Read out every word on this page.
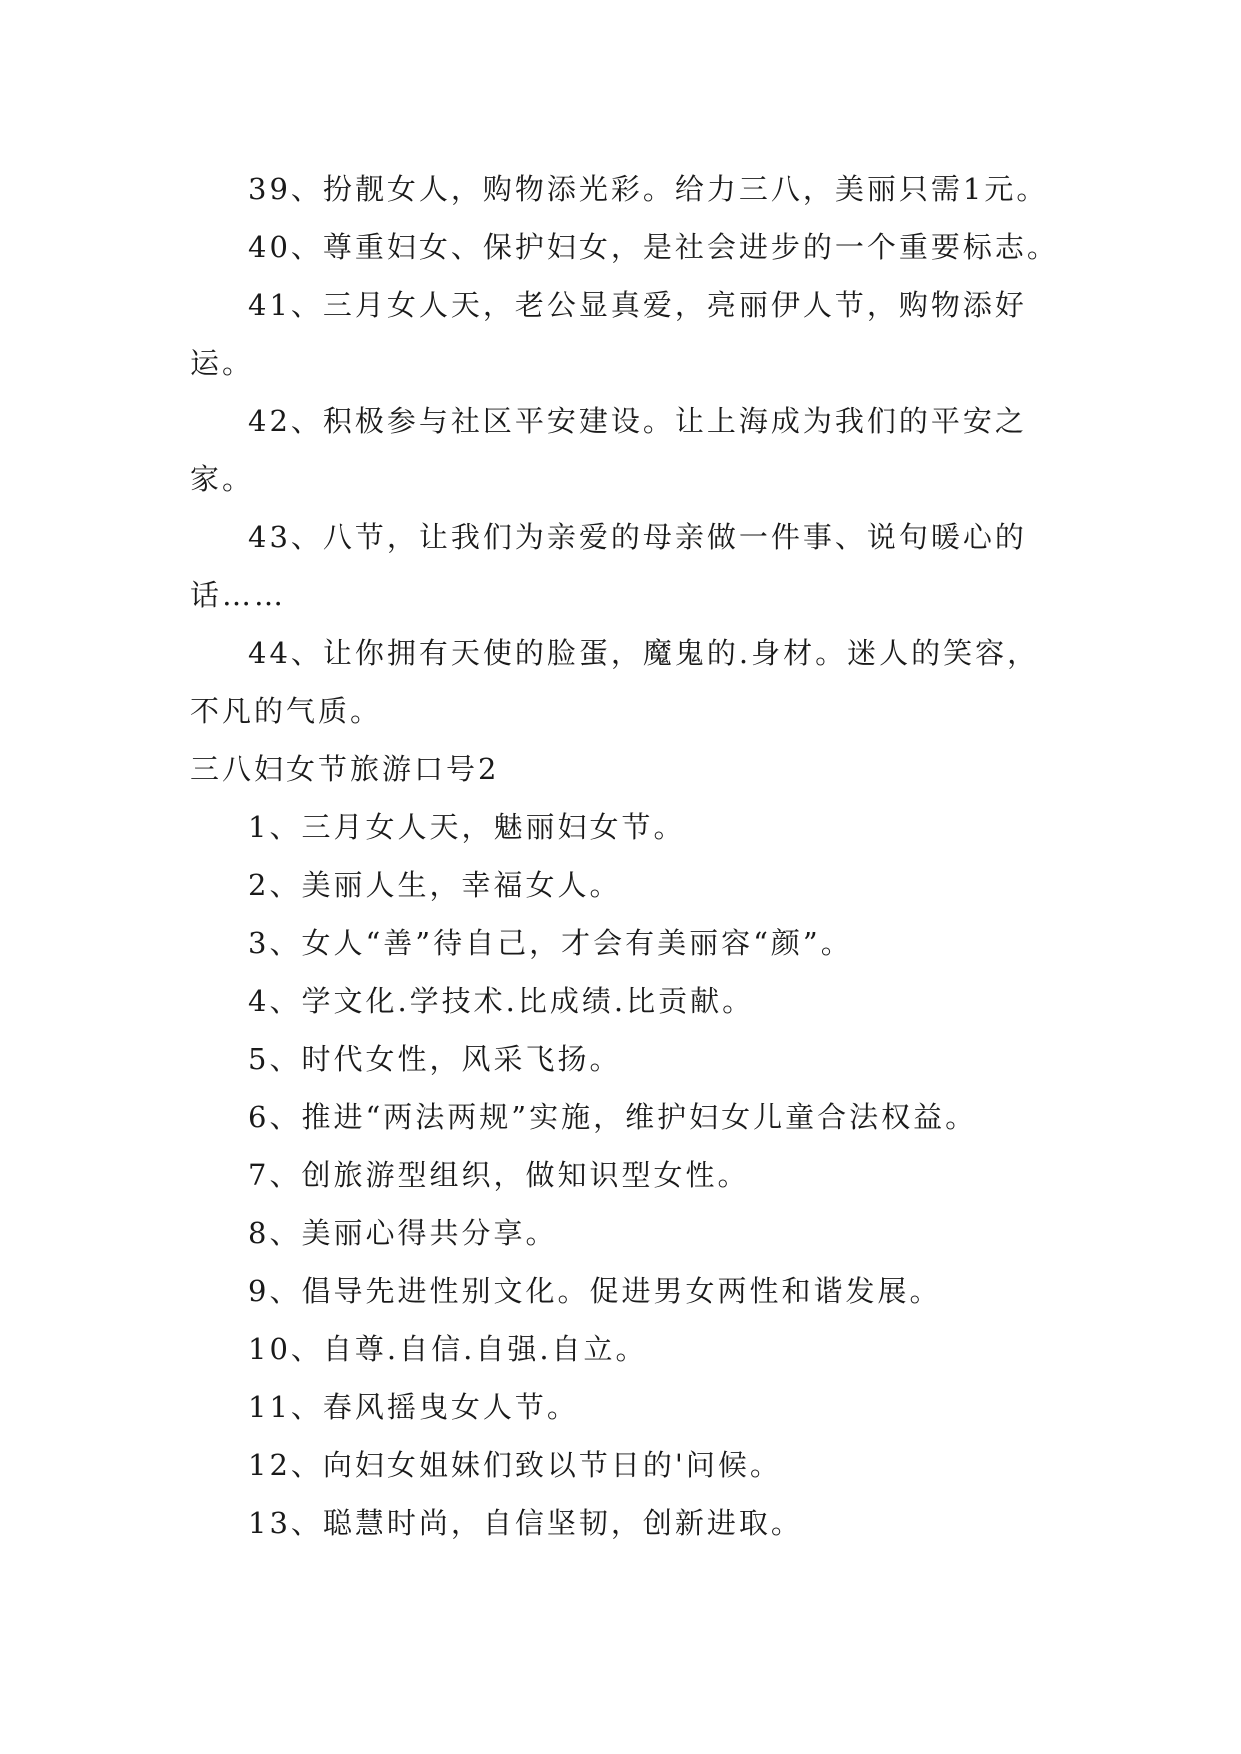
39、扮靓女人，购物添光彩。给力三八，美丽只需1元。

40、尊重妇女、保护妇女，是社会进步的一个重要标志。

41、三月女人天，老公显真爱，亮丽伊人节，购物添好运。

42、积极参与社区平安建设。让上海成为我们的平安之家。

43、八节，让我们为亲爱的母亲做一件事、说句暖心的话……

44、让你拥有天使的脸蛋，魔鬼的.身材。迷人的笑容，不凡的气质。

三八妇女节旅游口号2

1、三月女人天，魅丽妇女节。

2、美丽人生，幸福女人。

3、女人“善”待自己，才会有美丽容“颜”。

4、学文化.学技术.比成绩.比贡献。

5、时代女性，风采飞扬。

6、推进“两法两规”实施，维护妇女儿童合法权益。

7、创旅游型组织，做知识型女性。

8、美丽心得共分享。

9、倡导先进性别文化。促进男女两性和谐发展。

10、自尊.自信.自强.自立。

11、春风摇曳女人节。

12、向妇女姐妹们致以节日的'问候。

13、聪慧时尚，自信坚韧，创新进取。
